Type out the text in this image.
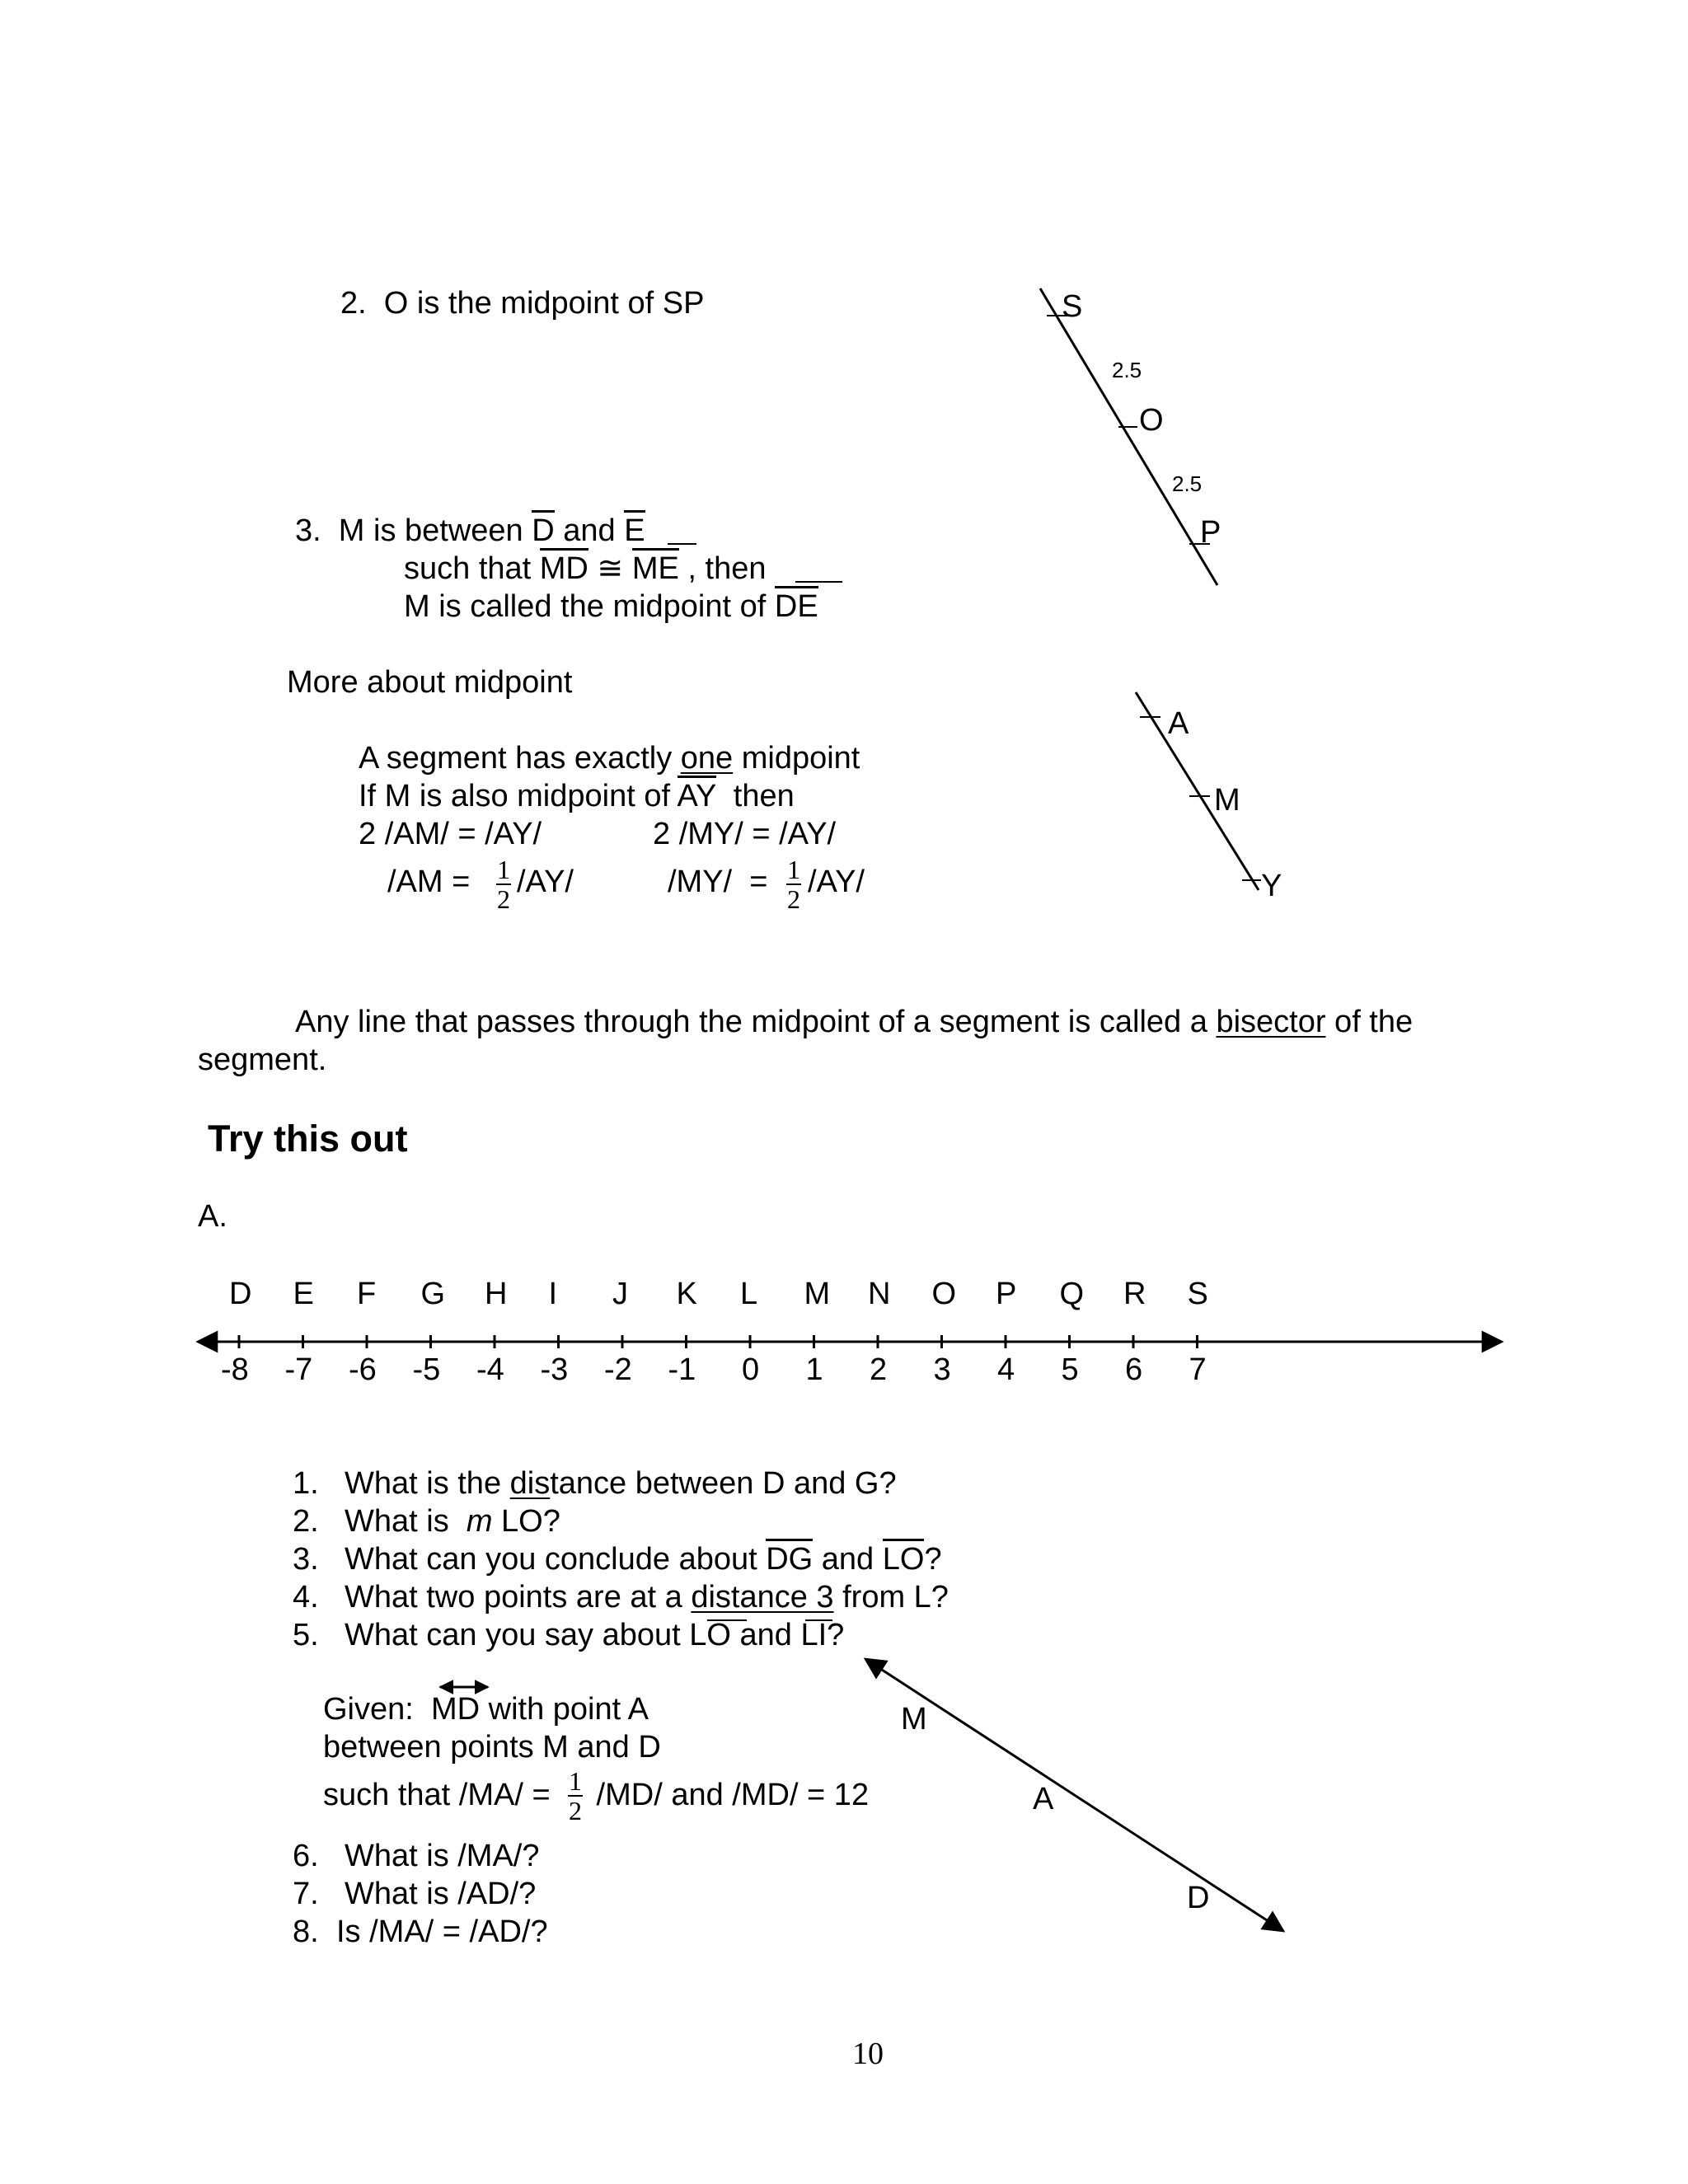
2.  O is the midpoint of SP
3.  M is between D and E
such that MD ≅ ME , then
M is called the midpoint of DE
More about midpoint
A segment has exactly one midpoint
If M is also midpoint of AY  then
2 /AM/ = /AY/	2 /MY/ = /AY/
/AM = 1
2 /AY/	/MY/  = 1
2 /AY/
Any line that passes through the midpoint of a segment is called a bisector of the
segment.
Try this out
A.
D E F G H I J K L M N O P Q R S
-8 -7 -6 -5 -4 -3 -2 -1 0 1 2 3 4 5 6 7
1. What is the distance between D and G?
2. What is  m LO?
3. What can you conclude about DG and LO?
4. What two points are at a distance 3 from L?
5. What can you say about LO and LI?
Given:  MD with point A
between points M and D
such that /MA/ = 1
2 /MD/ and /MD/ = 12
6. What is /MA/?
7. What is /AD/?
8. Is /MA/ = /AD/?
10
S
2.5
O
2.5
P
A
M
Y
M
A
D
